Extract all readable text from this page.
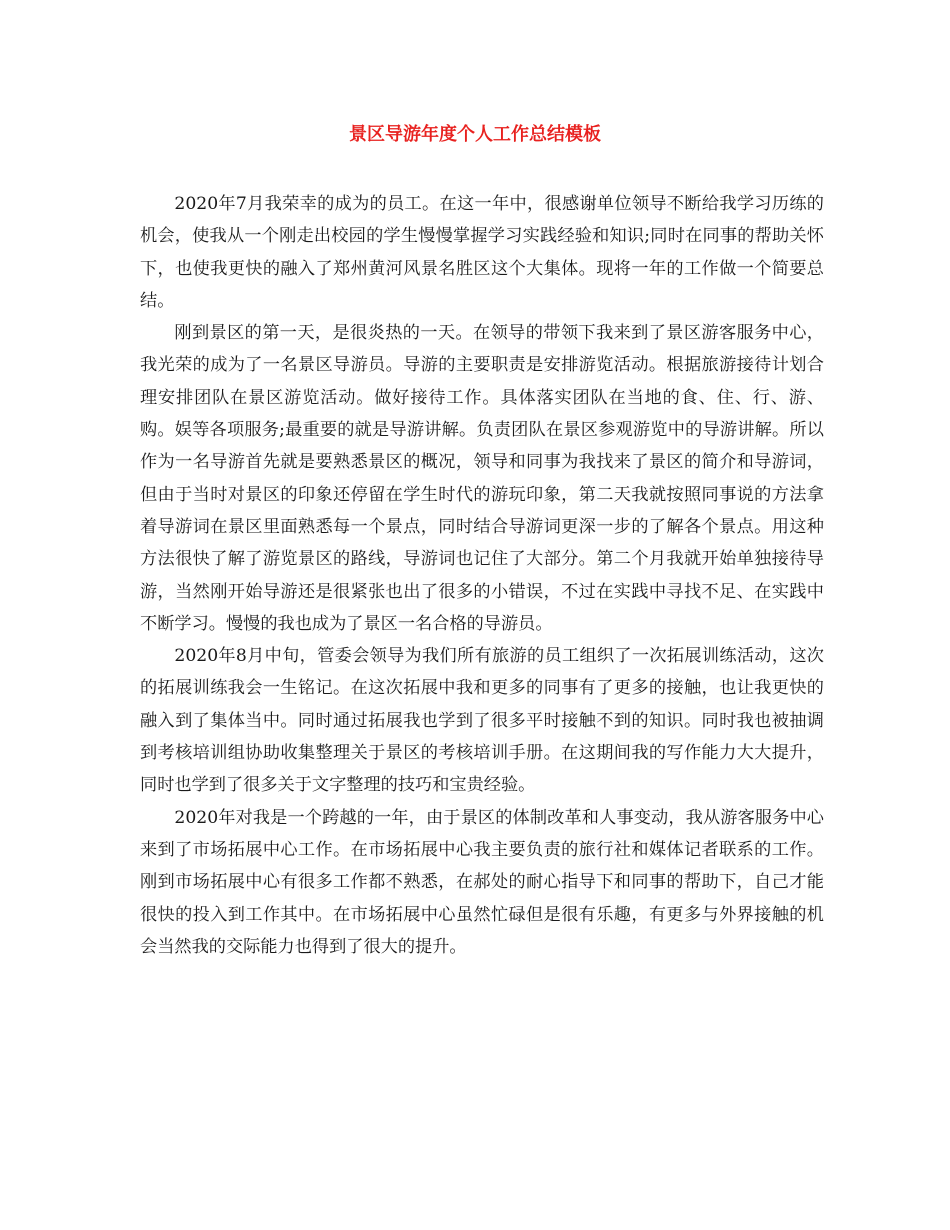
景区导游年度个人工作总结模板

2020年7月我荣幸的成为的员工。在这一年中，很感谢单位领导不断给我学习历练的机会，使我从一个刚走出校园的学生慢慢掌握学习实践经验和知识;同时在同事的帮助关怀下，也使我更快的融入了郑州黄河风景名胜区这个大集体。现将一年的工作做一个简要总结。

刚到景区的第一天，是很炎热的一天。在领导的带领下我来到了景区游客服务中心，我光荣的成为了一名景区导游员。导游的主要职责是安排游览活动。根据旅游接待计划合理安排团队在景区游览活动。做好接待工作。具体落实团队在当地的食、住、行、游、购。娱等各项服务;最重要的就是导游讲解。负责团队在景区参观游览中的导游讲解。所以作为一名导游首先就是要熟悉景区的概况，领导和同事为我找来了景区的简介和导游词，但由于当时对景区的印象还停留在学生时代的游玩印象，第二天我就按照同事说的方法拿着导游词在景区里面熟悉每一个景点，同时结合导游词更深一步的了解各个景点。用这种方法很快了解了游览景区的路线，导游词也记住了大部分。第二个月我就开始单独接待导游，当然刚开始导游还是很紧张也出了很多的小错误，不过在实践中寻找不足、在实践中不断学习。慢慢的我也成为了景区一名合格的导游员。

2020年8月中旬，管委会领导为我们所有旅游的员工组织了一次拓展训练活动，这次的拓展训练我会一生铭记。在这次拓展中我和更多的同事有了更多的接触，也让我更快的融入到了集体当中。同时通过拓展我也学到了很多平时接触不到的知识。同时我也被抽调到考核培训组协助收集整理关于景区的考核培训手册。在这期间我的写作能力大大提升，同时也学到了很多关于文字整理的技巧和宝贵经验。

2020年对我是一个跨越的一年，由于景区的体制改革和人事变动，我从游客服务中心来到了市场拓展中心工作。在市场拓展中心我主要负责的旅行社和媒体记者联系的工作。刚到市场拓展中心有很多工作都不熟悉，在郝处的耐心指导下和同事的帮助下，自己才能很快的投入到工作其中。在市场拓展中心虽然忙碌但是很有乐趣，有更多与外界接触的机会当然我的交际能力也得到了很大的提升。
